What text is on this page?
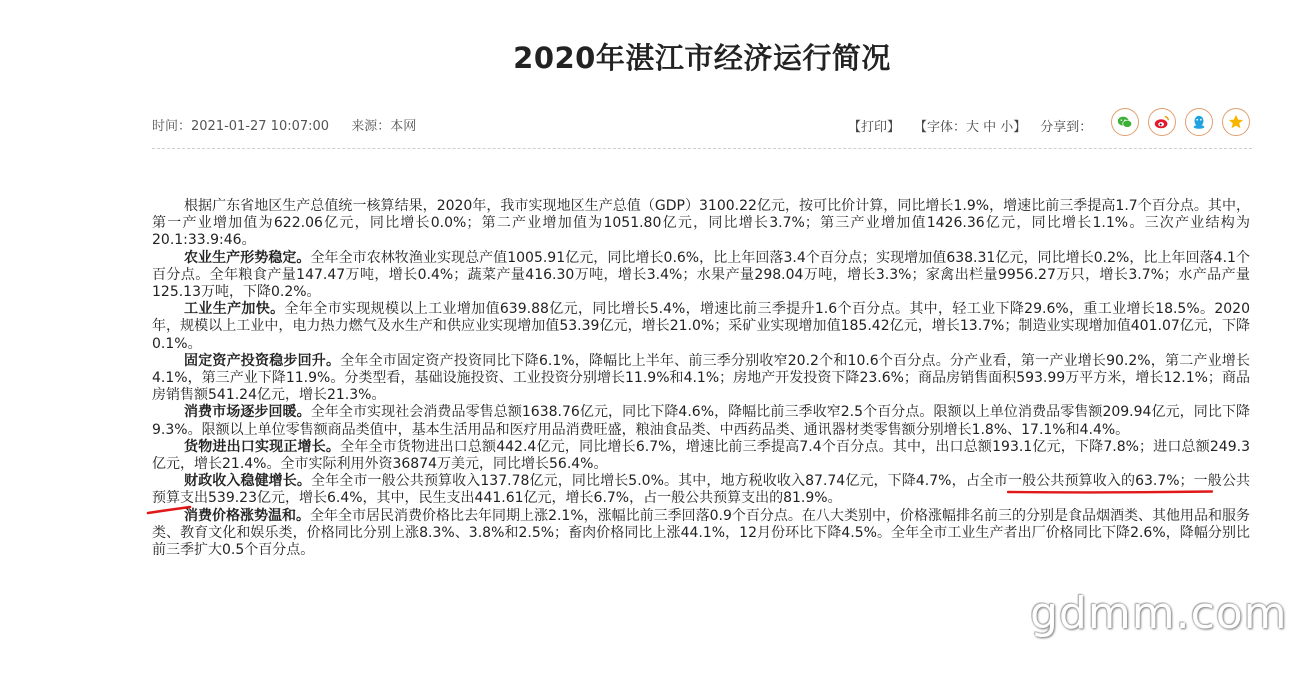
2020年湛江市经济运行简况
时间：2021-01-27 10:07:00 来源：本网	【打印】 【字体：大 中 小】 分享到：

根据广东省地区生产总值统一核算结果，2020年，我市实现地区生产总值（GDP）3100.22亿元，按可比价计算，同比增长1.9%，增速比前三季提高1.7个百分点。其中，第一产业增加值为622.06亿元，同比增长0.0%；第二产业增加值为1051.80亿元，同比增长3.7%；第三产业增加值1426.36亿元，同比增长1.1%。三次产业结构为20.1:33.9:46。

农业生产形势稳定。全年全市农林牧渔业实现总产值1005.91亿元，同比增长0.6%，比上年回落3.4个百分点；实现增加值638.31亿元，同比增长0.2%，比上年回落4.1个百分点。全年粮食产量147.47万吨，增长0.4%；蔬菜产量416.30万吨，增长3.4%；水果产量298.04万吨，增长3.3%；家禽出栏量9956.27万只，增长3.7%；水产品产量125.13万吨，下降0.2%。

工业生产加快。全年全市实现规模以上工业增加值639.88亿元，同比增长5.4%，增速比前三季提升1.6个百分点。其中，轻工业下降29.6%，重工业增长18.5%。2020年，规模以上工业中，电力热力燃气及水生产和供应业实现增加值53.39亿元，增长21.0%；采矿业实现增加值185.42亿元，增长13.7%；制造业实现增加值401.07亿元，下降0.1%。

固定资产投资稳步回升。全年全市固定资产投资同比下降6.1%，降幅比上半年、前三季分别收窄20.2个和10.6个百分点。分产业看，第一产业增长90.2%，第二产业增长4.1%，第三产业下降11.9%。分类型看，基础设施投资、工业投资分别增长11.9%和4.1%；房地产开发投资下降23.6%；商品房销售面积593.99万平方米，增长12.1%；商品房销售额541.24亿元，增长21.3%。

消费市场逐步回暖。全年全市实现社会消费品零售总额1638.76亿元，同比下降4.6%，降幅比前三季收窄2.5个百分点。限额以上单位消费品零售额209.94亿元，同比下降9.3%。限额以上单位零售额商品类值中，基本生活用品和医疗用品消费旺盛，粮油食品类、中西药品类、通讯器材类零售额分别增长1.8%、17.1%和4.4%。

货物进出口实现正增长。全年全市货物进出口总额442.4亿元，同比增长6.7%，增速比前三季提高7.4个百分点。其中，出口总额193.1亿元，下降7.8%；进口总额249.3亿元，增长21.4%。全市实际利用外资36874万美元，同比增长56.4%。

财政收入稳健增长。全年全市一般公共预算收入137.78亿元，同比增长5.0%。其中，地方税收收入87.74亿元，下降4.7%，占全市一般公共预算收入的63.7%；一般公共预算支出539.23亿元，增长6.4%，其中，民生支出441.61亿元，增长6.7%，占一般公共预算支出的81.9%。

消费价格涨势温和。全年全市居民消费价格比去年同期上涨2.1%，涨幅比前三季回落0.9个百分点。在八大类别中，价格涨幅排名前三的分别是食品烟酒类、其他用品和服务类、教育文化和娱乐类，价格同比分别上涨8.3%、3.8%和2.5%；畜肉价格同比上涨44.1%，12月份环比下降4.5%。全年全市工业生产者出厂价格同比下降2.6%，降幅分别比前三季扩大0.5个百分点。

gdmm.com
